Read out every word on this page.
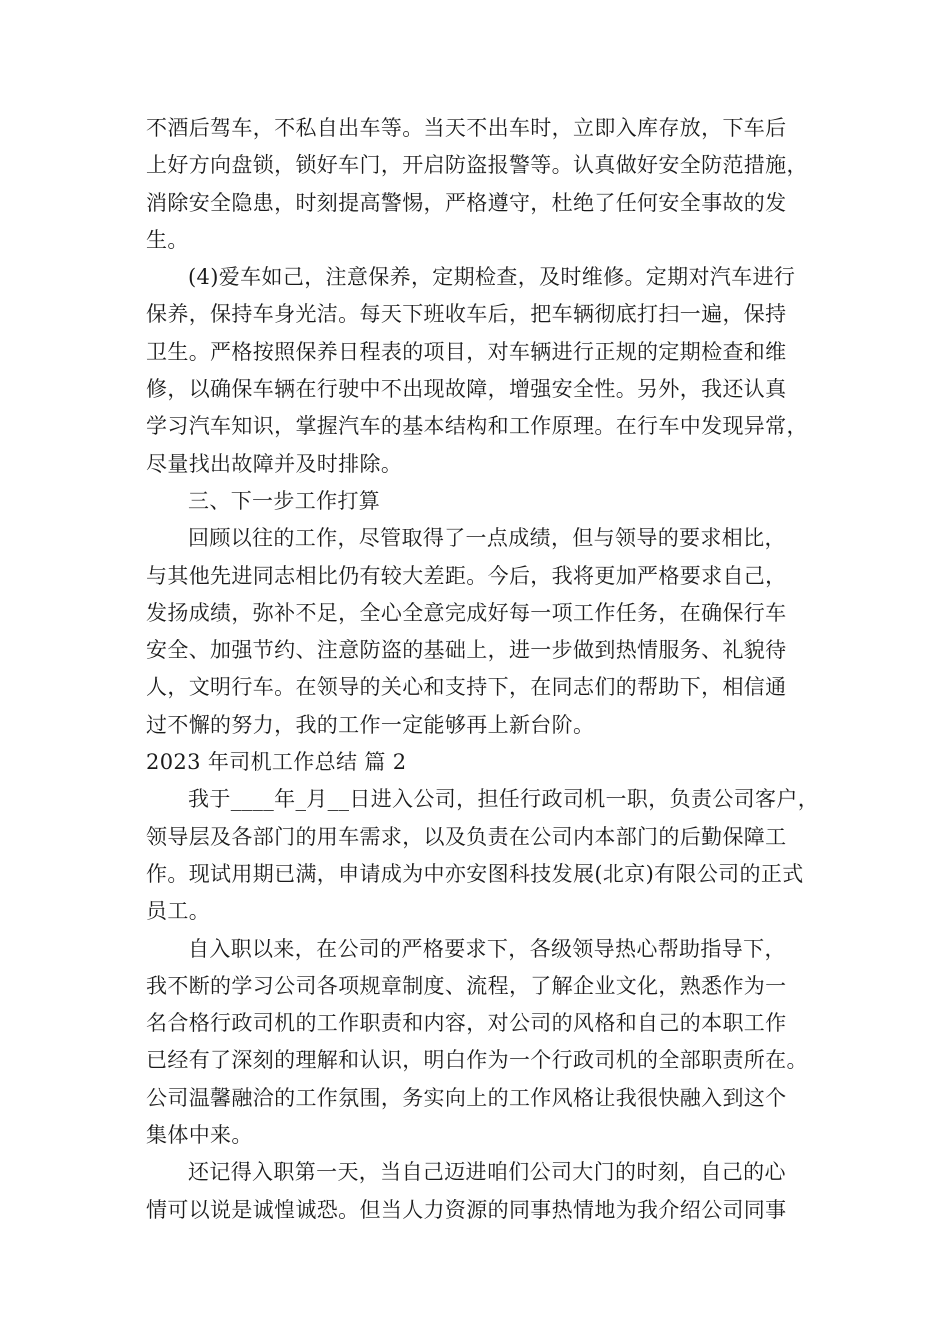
不酒后驾车，不私自出车等。当天不出车时，立即入库存放，下车后
上好方向盘锁，锁好车门，开启防盗报警等。认真做好安全防范措施，
消除安全隐患，时刻提高警惕，严格遵守，杜绝了任何安全事故的发
生。
(4)爱车如己，注意保养，定期检查，及时维修。定期对汽车进行
保养，保持车身光洁。每天下班收车后，把车辆彻底打扫一遍，保持
卫生。严格按照保养日程表的项目，对车辆进行正规的定期检查和维
修，以确保车辆在行驶中不出现故障，增强安全性。另外，我还认真
学习汽车知识，掌握汽车的基本结构和工作原理。在行车中发现异常，
尽量找出故障并及时排除。
三、下一步工作打算
回顾以往的工作，尽管取得了一点成绩，但与领导的要求相比，
与其他先进同志相比仍有较大差距。今后，我将更加严格要求自己，
发扬成绩，弥补不足，全心全意完成好每一项工作任务，在确保行车
安全、加强节约、注意防盗的基础上，进一步做到热情服务、礼貌待
人，文明行车。在领导的关心和支持下，在同志们的帮助下，相信通
过不懈的努力，我的工作一定能够再上新台阶。
2023 年司机工作总结 篇 2
我于____年_月__日进入公司，担任行政司机一职，负责公司客户，
领导层及各部门的用车需求，以及负责在公司内本部门的后勤保障工
作。现试用期已满，申请成为中亦安图科技发展(北京)有限公司的正式
员工。
自入职以来，在公司的严格要求下，各级领导热心帮助指导下，
我不断的学习公司各项规章制度、流程，了解企业文化，熟悉作为一
名合格行政司机的工作职责和内容，对公司的风格和自己的本职工作
已经有了深刻的理解和认识，明白作为一个行政司机的全部职责所在。
公司温馨融洽的工作氛围，务实向上的工作风格让我很快融入到这个
集体中来。
还记得入职第一天，当自己迈进咱们公司大门的时刻，自己的心
情可以说是诚惶诚恐。但当人力资源的同事热情地为我介绍公司同事
